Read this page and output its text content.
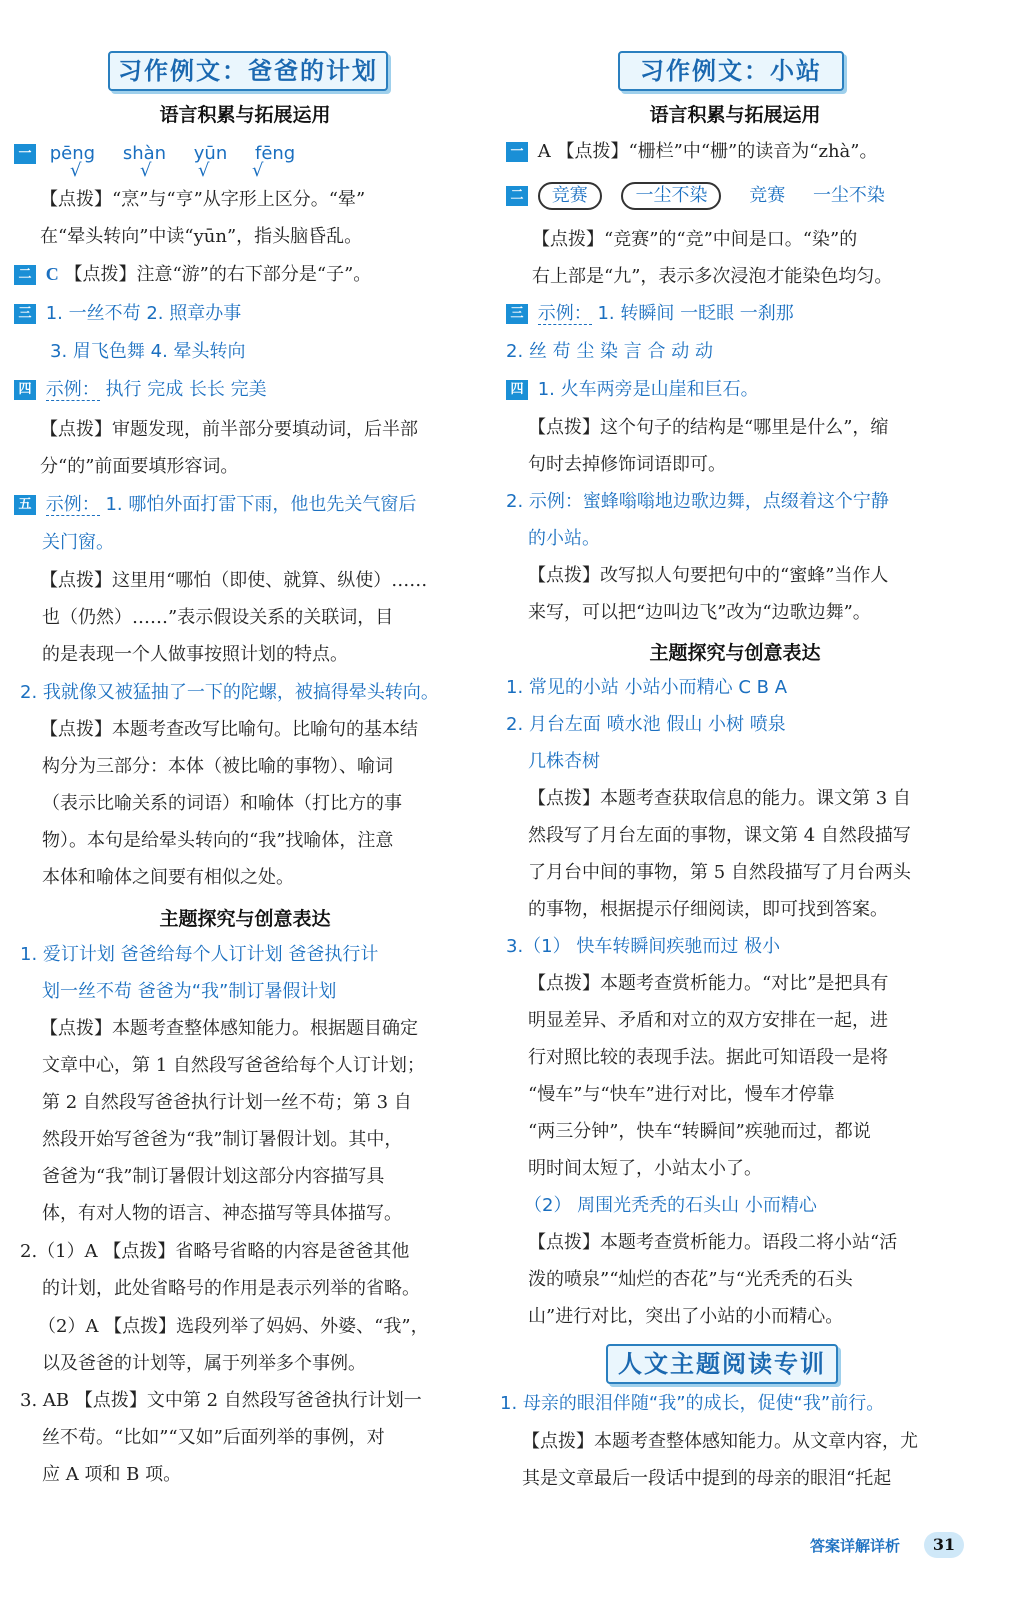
习作例文：爸爸的计划
语言积累与拓展运用
一 pēng shàn yūn fēng
√	√	√ √
【点拨】“烹”与“亨”从字形上区分。“晕”
在“晕头转向”中读“yūn”，指头脑昏乱。
二 C 【点拨】注意“游”的右下部分是“子”。
三 1. 一丝不苟 2. 照章办事
3. 眉飞色舞 4. 晕头转向
四 示例： 执行 完成 长长 完美
【点拨】审题发现，前半部分要填动词，后半部
分“的”前面要填形容词。
五 示例： 1. 哪怕外面打雷下雨，他也先关气窗后
关门窗。
【点拨】这里用“哪怕（即使、就算、纵使）……
也（仍然）……”表示假设关系的关联词，目
的是表现一个人做事按照计划的特点。
2. 我就像又被猛抽了一下的陀螺，被搞得晕头转向。
【点拨】本题考查改写比喻句。比喻句的基本结
构分为三部分：本体（被比喻的事物）、喻词
（表示比喻关系的词语）和喻体（打比方的事
物）。本句是给晕头转向的“我”找喻体，注意
本体和喻体之间要有相似之处。
主题探究与创意表达
1. 爱订计划 爸爸给每个人订计划 爸爸执行计
划一丝不苟 爸爸为“我”制订暑假计划
【点拨】本题考查整体感知能力。根据题目确定
文章中心，第 1 自然段写爸爸给每个人订计划；
第 2 自然段写爸爸执行计划一丝不苟；第 3 自
然段开始写爸爸为“我”制订暑假计划。其中，
爸爸为“我”制订暑假计划这部分内容描写具
体，有对人物的语言、神态描写等具体描写。
2.（1）A 【点拨】省略号省略的内容是爸爸其他
的计划，此处省略号的作用是表示列举的省略。
（2）A 【点拨】选段列举了妈妈、外婆、“我”，
以及爸爸的计划等，属于列举多个事例。
3. AB 【点拨】文中第 2 自然段写爸爸执行计划一
丝不苟。“比如”“又如”后面列举的事例，对
应 A 项和 B 项。
习作例文：小站
语言积累与拓展运用
一 A 【点拨】“栅栏”中“栅”的读音为“zhà”。
二 竞赛	一尘不染 竞赛 一尘不染
【点拨】“竞赛”的“竞”中间是口。“染”的
右上部是“九”，表示多次浸泡才能染色均匀。
三 示例： 1. 转瞬间 一眨眼 一刹那
2. 丝 苟 尘 染 言 合 动 动
四 1. 火车两旁是山崖和巨石。
【点拨】这个句子的结构是“哪里是什么”，缩
句时去掉修饰词语即可。
2. 示例：蜜蜂嗡嗡地边歌边舞，点缀着这个宁静
的小站。
【点拨】改写拟人句要把句中的“蜜蜂”当作人
来写，可以把“边叫边飞”改为“边歌边舞”。
主题探究与创意表达
1. 常见的小站 小站小而精心 C B A
2. 月台左面 喷水池 假山 小树 喷泉
几株杏树
【点拨】本题考查获取信息的能力。课文第 3 自
然段写了月台左面的事物，课文第 4 自然段描写
了月台中间的事物，第 5 自然段描写了月台两头
的事物，根据提示仔细阅读，即可找到答案。
3.（1） 快车转瞬间疾驰而过 极小
【点拨】本题考查赏析能力。“对比”是把具有
明显差异、矛盾和对立的双方安排在一起，进
行对照比较的表现手法。据此可知语段一是将
“慢车”与“快车”进行对比，慢车才停靠
“两三分钟”，快车“转瞬间”疾驰而过，都说
明时间太短了，小站太小了。
（2） 周围光秃秃的石头山 小而精心
【点拨】本题考查赏析能力。语段二将小站“活
泼的喷泉”“灿烂的杏花”与“光秃秃的石头
山”进行对比，突出了小站的小而精心。
人文主题阅读专训
1. 母亲的眼泪伴随“我”的成长，促使“我”前行。
【点拨】本题考查整体感知能力。从文章内容，尤
其是文章最后一段话中提到的母亲的眼泪“托起
答案详解详析	31
